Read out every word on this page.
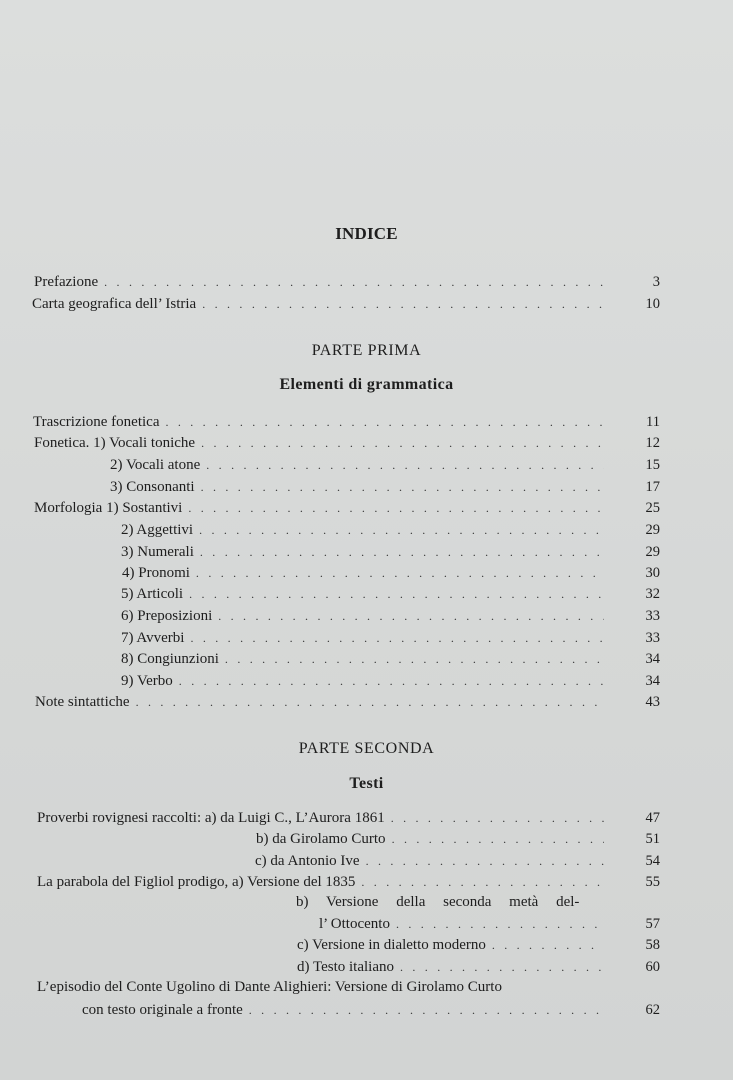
INDICE
Prefazione . . .	3
Carta geografica dell’ Istria . . .	10
PARTE PRIMA
Elementi di grammatica
Trascrizione fonetica . . .	11
Fonetica. 1) Vocali toniche . . .	12
2) Vocali atone . . .	15
3) Consonanti . . .	17
Morfologia 1) Sostantivi . . .	25
2) Aggettivi . . .	29
3) Numerali . . .	29
4) Pronomi . . .	30
5) Articoli . . .	32
6) Preposizioni . . .	33
7) Avverbi . . .	33
8) Congiunzioni . . .	34
9) Verbo . . .	34
Note sintattiche . . .	43
PARTE SECONDA
Testi
Proverbi rovignesi raccolti: a) da Luigi C., L’Aurora 1861 . . .	47
b) da Girolamo Curto . . .	51
c) da Antonio Ive . . .	54
La parabola del Figliol prodigo, a) Versione del 1835 . . .	55
b) Versione della seconda metà del-
l’ Ottocento . . .	57
c) Versione in dialetto moderno . . .	58
d) Testo italiano . . .	60
L’episodio del Conte Ugolino di Dante Alighieri: Versione di Girolamo Curto
con testo originale a fronte . . .	62
